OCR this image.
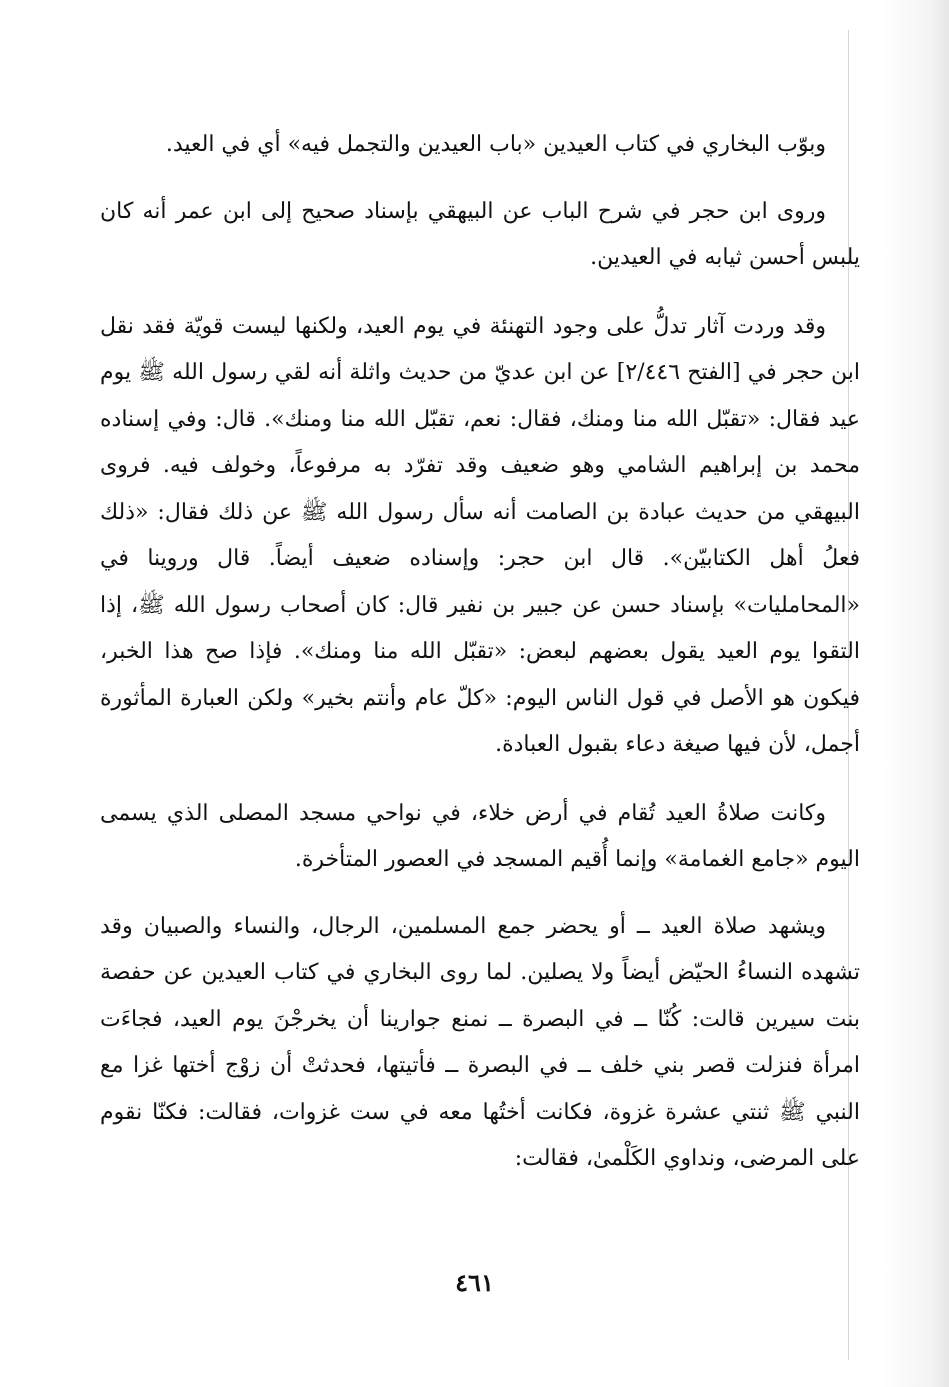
وبوّب البخاري في كتاب العيدين «باب العيدين والتجمل فيه» أي في العيد.

وروى ابن حجر في شرح الباب عن البيهقي بإسناد صحيح إلى ابن عمر أنه كان يلبس أحسن ثيابه في العيدين.

وقد وردت آثار تدلُّ على وجود التهنئة في يوم العيد، ولكنها ليست قويّة فقد نقل ابن حجر في [الفتح ٢/٤٤٦] عن ابن عديّ من حديث واثلة أنه لقي رسول الله ﷺ يوم عيد فقال: «تقبّل الله منا ومنك، فقال: نعم، تقبّل الله منا ومنك». قال: وفي إسناده محمد بن إبراهيم الشامي وهو ضعيف وقد تفرّد به مرفوعاً، وخولف فيه. فروى البيهقي من حديث عبادة بن الصامت أنه سأل رسول الله ﷺ عن ذلك فقال: «ذلك فعلُ أهل الكتابيّن». قال ابن حجر: وإسناده ضعيف أيضاً. قال وروينا في «المحامليات» بإسناد حسن عن جبير بن نفير قال: كان أصحاب رسول الله ﷺ، إذا التقوا يوم العيد يقول بعضهم لبعض: «تقبّل الله منا ومنك». فإذا صح هذا الخبر، فيكون هو الأصل في قول الناس اليوم: «كلّ عام وأنتم بخير» ولكن العبارة المأثورة أجمل، لأن فيها صيغة دعاء بقبول العبادة.

وكانت صلاةُ العيد تُقام في أرض خلاء، في نواحي مسجد المصلى الذي يسمى اليوم «جامع الغمامة» وإنما أُقيم المسجد في العصور المتأخرة.

ويشهد صلاة العيد ــ أو يحضر جمع المسلمين، الرجال، والنساء والصبيان وقد تشهده النساءُ الحيّض أيضاً ولا يصلين. لما روى البخاري في كتاب العيدين عن حفصة بنت سيرين قالت: كُنّا ــ في البصرة ــ نمنع جوارينا أن يخرجْنَ يوم العيد، فجاءَت امرأة فنزلت قصر بني خلف ــ في البصرة ــ فأتيتها، فحدثتْ أن زوْج أختها غزا مع النبي ﷺ ثنتي عشرة غزوة، فكانت أختُها معه في ست غزوات، فقالت: فكنّا نقوم على المرضى، ونداوي الكَلْمىٰ، فقالت:

٤٦١
